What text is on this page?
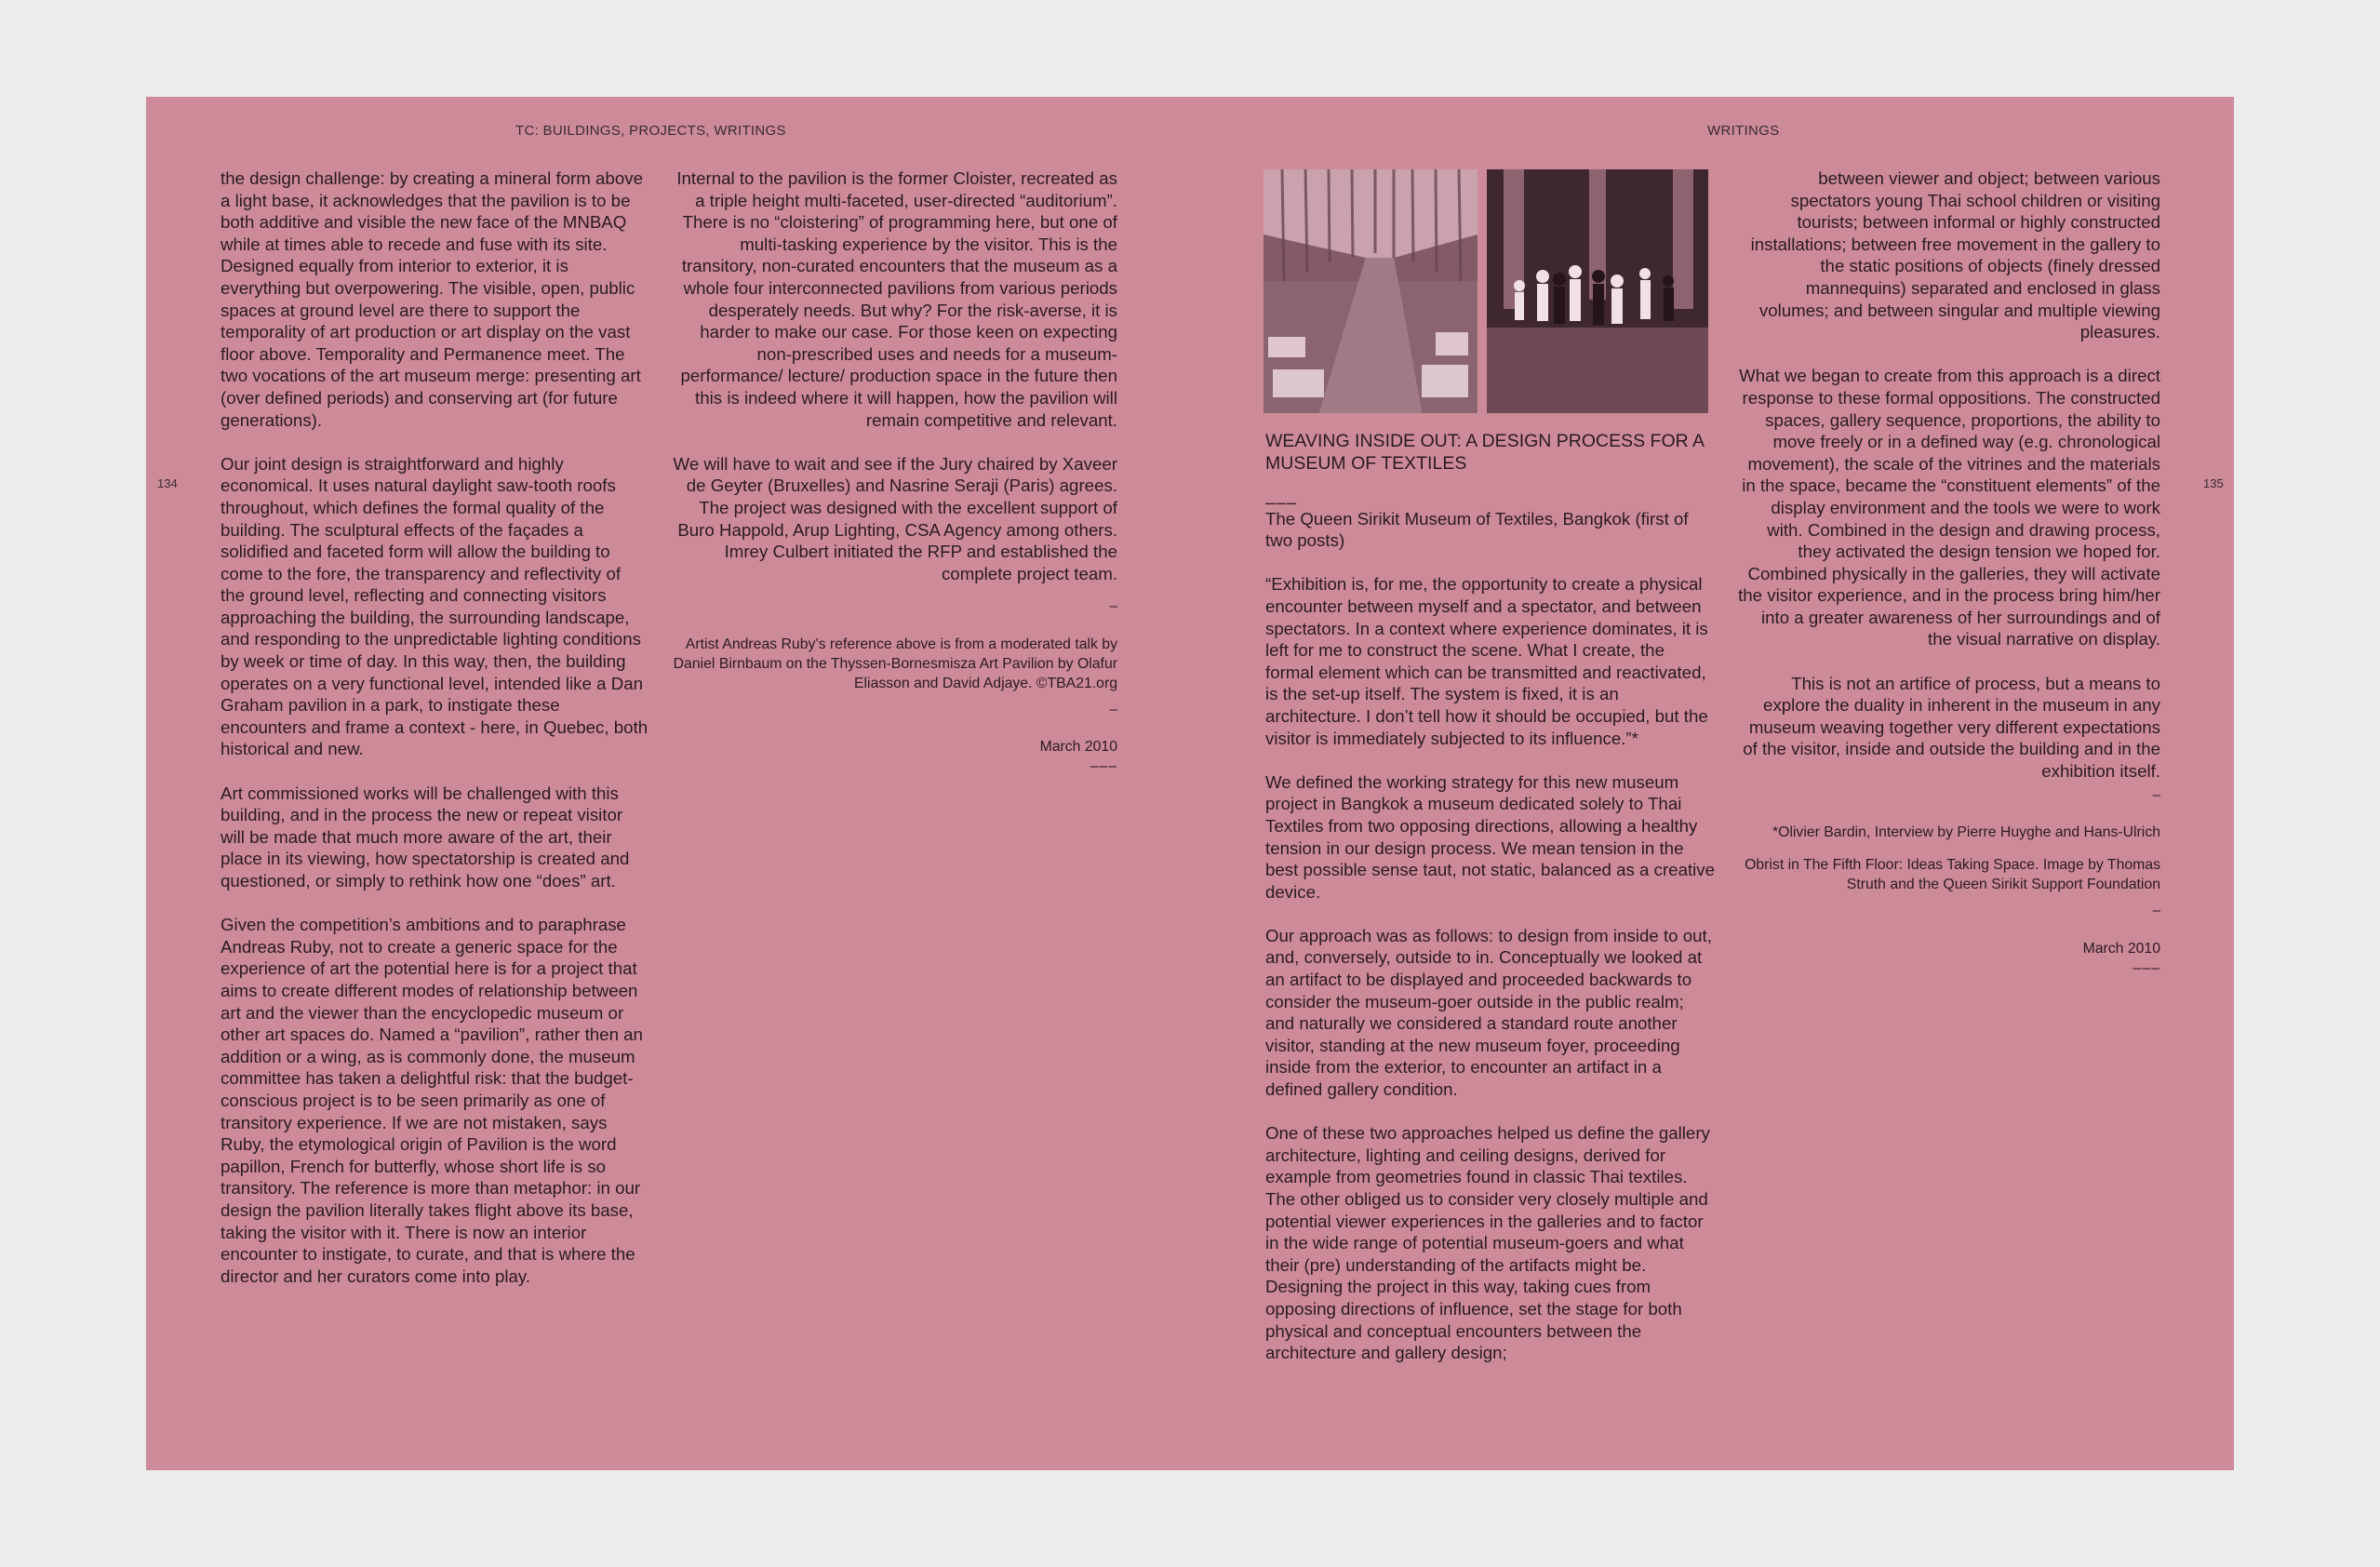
TC: BUILDINGS, PROJECTS, WRITINGS
134

the design challenge: by creating a mineral form above a light base, it acknowledges that the pavilion is to be both additive and visible the new face of the MNBAQ while at times able to recede and fuse with its site. Designed equally from interior to exterior, it is everything but overpowering. The visible, open, public spaces at ground level are there to support the temporality of art production or art display on the vast floor above. Temporality and Permanence meet. The two vocations of the art museum merge: presenting art (over defined periods) and conserving art (for future generations).

Our joint design is straightforward and highly economical. It uses natural daylight saw-tooth roofs throughout, which defines the formal quality of the building. The sculptural effects of the façades a solidified and faceted form will allow the building to come to the fore, the transparency and reflectivity of the ground level, reflecting and connecting visitors approaching the building, the surrounding landscape, and responding to the unpredictable lighting conditions by week or time of day. In this way, then, the building operates on a very functional level, intended like a Dan Graham pavilion in a park, to instigate these encounters and frame a context - here, in Quebec, both historical and new.

Art commissioned works will be challenged with this building, and in the process the new or repeat visitor will be made that much more aware of the art, their place in its viewing, how spectatorship is created and questioned, or simply to rethink how one “does” art.

Given the competition’s ambitions and to paraphrase Andreas Ruby, not to create a generic space for the experience of art the potential here is for a project that aims to create different modes of relationship between art and the viewer than the encyclopedic museum or other art spaces do. Named a “pavilion”, rather then an addition or a wing, as is commonly done, the museum committee has taken a delightful risk: that the budget-conscious project is to be seen primarily as one of transitory experience. If we are not mistaken, says Ruby, the etymological origin of Pavilion is the word papillon, French for butterfly, whose short life is so transitory. The reference is more than metaphor: in our design the pavilion literally takes flight above its base, taking the visitor with it. There is now an interior encounter to instigate, to curate, and that is where the director and her curators come into play.

Internal to the pavilion is the former Cloister, recreated as a triple height multi-faceted, user-directed “auditorium”. There is no “cloistering” of programming here, but one of multi-tasking experience by the visitor. This is the transitory, non-curated encounters that the museum as a whole four interconnected pavilions from various periods desperately needs. But why? For the risk-averse, it is harder to make our case. For those keen on expecting non-prescribed uses and needs for a museum-performance/ lecture/ production space in the future then this is indeed where it will happen, how the pavilion will remain competitive and relevant.

We will have to wait and see if the Jury chaired by Xaveer de Geyter (Bruxelles) and Nasrine Seraji (Paris) agrees. The project was designed with the excellent support of Buro Happold, Arup Lighting, CSA Agency among others. Imrey Culbert initiated the RFP and established the complete project team.

–

Artist Andreas Ruby’s reference above is from a moderated talk by Daniel Birnbaum on the Thyssen-Bornesmisza Art Pavilion by Olafur Eliasson and David Adjaye. ©TBA21.org

–

March 2010

–––

WRITINGS
135

WEAVING INSIDE OUT: A DESIGN PROCESS FOR A MUSEUM OF TEXTILES

–––

The Queen Sirikit Museum of Textiles, Bangkok (first of two posts)

“Exhibition is, for me, the opportunity to create a physical encounter between myself and a spectator, and between spectators. In a context where experience dominates, it is left for me to construct the scene. What I create, the formal element which can be transmitted and reactivated, is the set-up itself. The system is fixed, it is an architecture. I don’t tell how it should be occupied, but the visitor is immediately subjected to its influence.”*

We defined the working strategy for this new museum project in Bangkok a museum dedicated solely to Thai Textiles from two opposing directions, allowing a healthy tension in our design process. We mean tension in the best possible sense taut, not static, balanced as a creative device.

Our approach was as follows: to design from inside to out, and, conversely, outside to in. Conceptually we looked at an artifact to be displayed and proceeded backwards to consider the museum-goer outside in the public realm; and naturally we considered a standard route another visitor, standing at the new museum foyer, proceeding inside from the exterior, to encounter an artifact in a defined gallery condition.

One of these two approaches helped us define the gallery architecture, lighting and ceiling designs, derived for example from geometries found in classic Thai textiles. The other obliged us to consider very closely multiple and potential viewer experiences in the galleries and to factor in the wide range of potential museum-goers and what their (pre) understanding of the artifacts might be. Designing the project in this way, taking cues from opposing directions of influence, set the stage for both physical and conceptual encounters between the architecture and gallery design;

between viewer and object; between various spectators young Thai school children or visiting tourists; between informal or highly constructed installations; between free movement in the gallery to the static positions of objects (finely dressed mannequins) separated and enclosed in glass volumes; and between singular and multiple viewing pleasures.

What we began to create from this approach is a direct response to these formal oppositions. The constructed spaces, gallery sequence, proportions, the ability to move freely or in a defined way (e.g. chronological movement), the scale of the vitrines and the materials in the space, became the “constituent elements” of the display environment and the tools we were to work with. Combined in the design and drawing process, they activated the design tension we hoped for. Combined physically in the galleries, they will activate the visitor experience, and in the process bring him/her into a greater awareness of her surroundings and of the visual narrative on display.

This is not an artifice of process, but a means to explore the duality in inherent in the museum in any museum weaving together very different expectations of the visitor, inside and outside the building and in the exhibition itself.

–

*Olivier Bardin, Interview by Pierre Huyghe and Hans-Ulrich

Obrist in The Fifth Floor: Ideas Taking Space. Image by Thomas Struth and the Queen Sirikit Support Foundation

–

March 2010

–––
